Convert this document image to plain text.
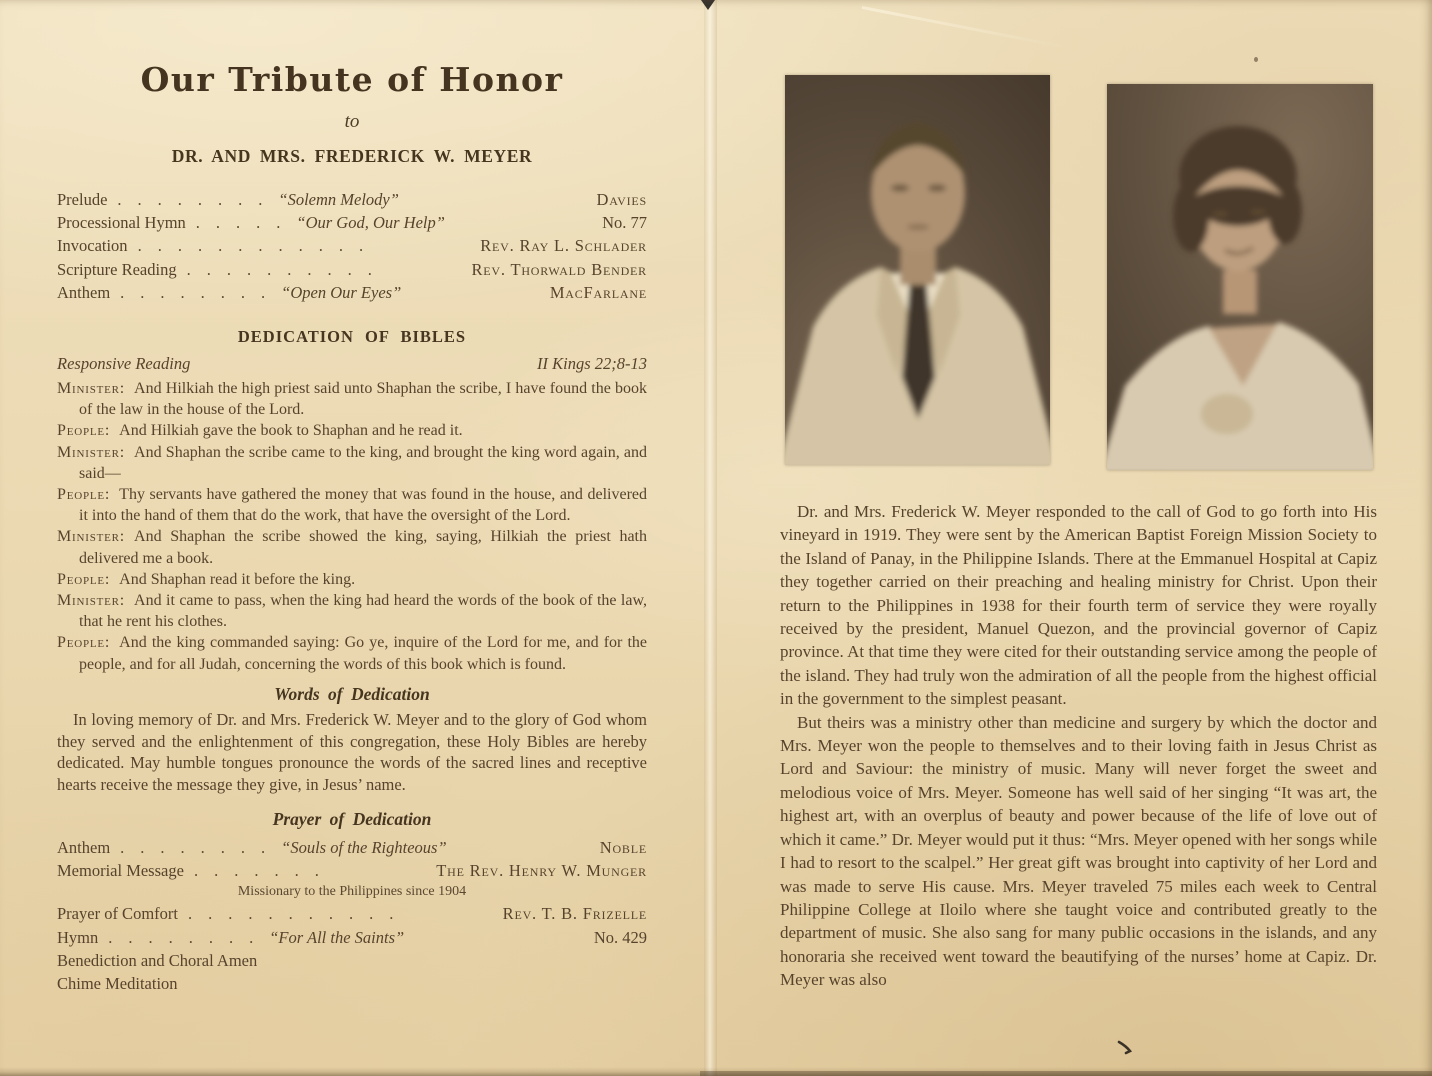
Our Tribute of Honor
to
DR. AND MRS. FREDERICK W. MEYER
Prelude ........ “Solemn Melody”	Davies
Processional Hymn ..... “Our God, Our Help”	No. 77
Invocation ............	Rev. Ray L. Schlader
Scripture Reading ..........	Rev. Thorwald Bender
Anthem ........ “Open Our Eyes”	MacFarlane
DEDICATION OF BIBLES
Responsive Reading	II Kings 22;8-13
Minister: And Hilkiah the high priest said unto Shaphan the scribe, I have found the book of the law in the house of the Lord.
People: And Hilkiah gave the book to Shaphan and he read it.
Minister: And Shaphan the scribe came to the king, and brought the king word again, and said—
People: Thy servants have gathered the money that was found in the house, and delivered it into the hand of them that do the work, that have the oversight of the Lord.
Minister: And Shaphan the scribe showed the king, saying, Hilkiah the priest hath delivered me a book.
People: And Shaphan read it before the king.
Minister: And it came to pass, when the king had heard the words of the book of the law, that he rent his clothes.
People: And the king commanded saying: Go ye, inquire of the Lord for me, and for the people, and for all Judah, concerning the words of this book which is found.
Words of Dedication

In loving memory of Dr. and Mrs. Frederick W. Meyer and to the glory of God whom they served and the enlightenment of this congregation, these Holy Bibles are hereby dedicated. May humble tongues pronounce the words of the sacred lines and receptive hearts receive the message they give, in Jesus’ name.

Prayer of Dedication
Anthem ........ “Souls of the Righteous”	Noble
Memorial Message .......	The Rev. Henry W. Munger
Missionary to the Philippines since 1904
Prayer of Comfort ...........	Rev. T. B. Frizelle
Hymn ........ “For All the Saints”	No. 429
Benediction and Choral Amen
Chime Meditation

Dr. and Mrs. Frederick W. Meyer responded to the call of God to go forth into His vineyard in 1919. They were sent by the American Baptist Foreign Mission Society to the Island of Panay, in the Philippine Islands. There at the Emmanuel Hospital at Capiz they together carried on their preaching and healing ministry for Christ. Upon their return to the Philippines in 1938 for their fourth term of service they were royally received by the president, Manuel Quezon, and the provincial governor of Capiz province. At that time they were cited for their outstanding service among the people of the island. They had truly won the admiration of all the people from the highest official in the government to the simplest peasant.

But theirs was a ministry other than medicine and surgery by which the doctor and Mrs. Meyer won the people to themselves and to their loving faith in Jesus Christ as Lord and Saviour: the ministry of music. Many will never forget the sweet and melodious voice of Mrs. Meyer. Someone has well said of her singing “It was art, the highest art, with an overplus of beauty and power because of the life of love out of which it came.” Dr. Meyer would put it thus: “Mrs. Meyer opened with her songs while I had to resort to the scalpel.” Her great gift was brought into captivity of her Lord and was made to serve His cause. Mrs. Meyer traveled 75 miles each week to Central Philippine College at Iloilo where she taught voice and contributed greatly to the department of music. She also sang for many public occasions in the islands, and any honoraria she received went toward the beautifying of the nurses’ home at Capiz. Dr. Meyer was also
